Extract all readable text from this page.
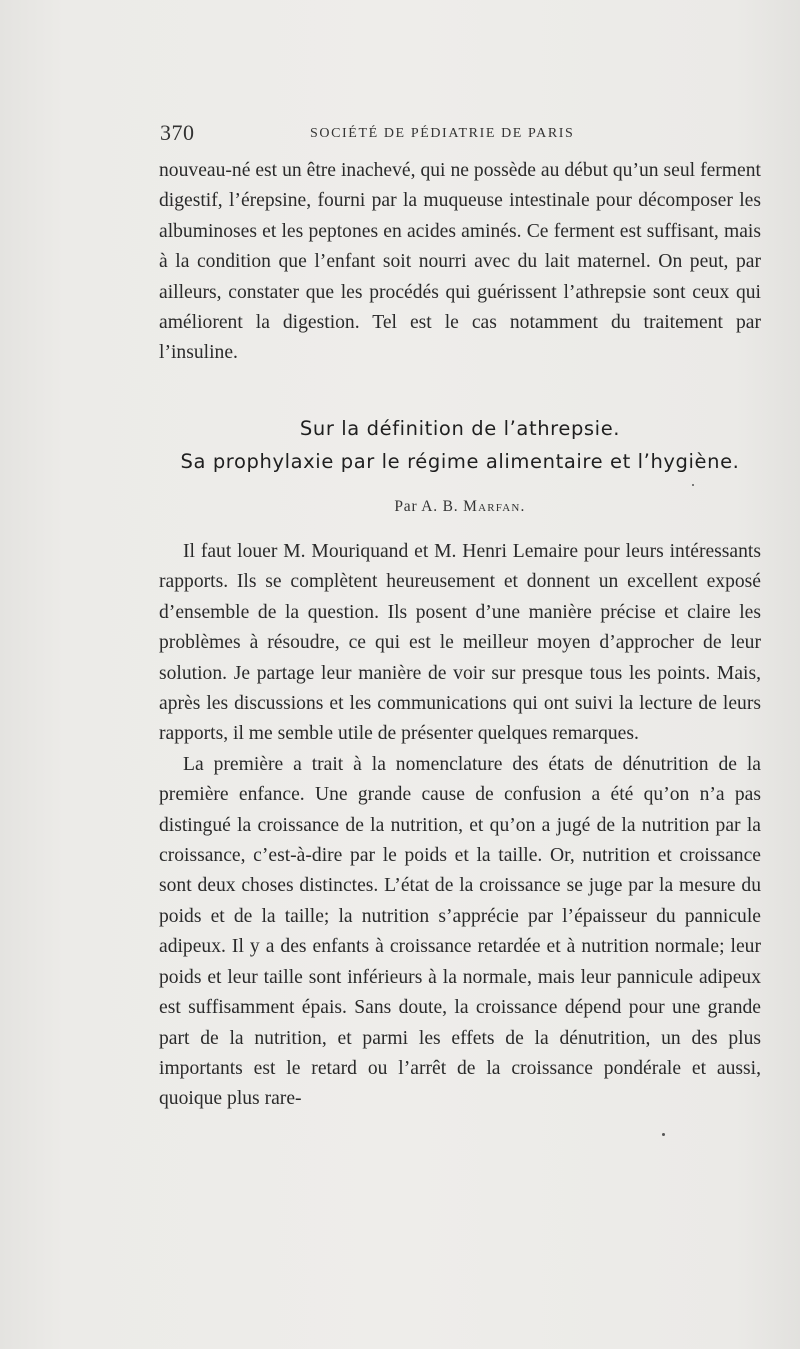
370	SOCIÉTÉ DE PÉDIATRIE DE PARIS

nouveau-né est un être inachevé, qui ne possède au début qu’un seul ferment digestif, l’érepsine, fourni par la muqueuse intestinale pour décomposer les albuminoses et les peptones en acides aminés. Ce ferment est suffisant, mais à la condition que l’enfant soit nourri avec du lait maternel. On peut, par ailleurs, constater que les procédés qui guérissent l’athrepsie sont ceux qui améliorent la digestion. Tel est le cas notamment du traitement par l’insuline.

Sur la définition de l’athrepsie.
Sa prophylaxie par le régime alimentaire et l’hygiène.
Par A. B. Marfan.

Il faut louer M. Mouriquand et M. Henri Lemaire pour leurs intéressants rapports. Ils se complètent heureusement et donnent un excellent exposé d’ensemble de la question. Ils posent d’une manière précise et claire les problèmes à résoudre, ce qui est le meilleur moyen d’approcher de leur solution. Je partage leur manière de voir sur presque tous les points. Mais, après les discussions et les communications qui ont suivi la lecture de leurs rapports, il me semble utile de présenter quelques remarques.

La première a trait à la nomenclature des états de dénutrition de la première enfance. Une grande cause de confusion a été qu’on n’a pas distingué la croissance de la nutrition, et qu’on a jugé de la nutrition par la croissance, c’est-à-dire par le poids et la taille. Or, nutrition et croissance sont deux choses distinctes. L’état de la croissance se juge par la mesure du poids et de la taille; la nutrition s’apprécie par l’épaisseur du pannicule adipeux. Il y a des enfants à croissance retardée et à nutrition normale; leur poids et leur taille sont inférieurs à la normale, mais leur pannicule adipeux est suffisamment épais. Sans doute, la croissance dépend pour une grande part de la nutrition, et parmi les effets de la dénutrition, un des plus importants est le retard ou l’arrêt de la croissance pondérale et aussi, quoique plus rare-
